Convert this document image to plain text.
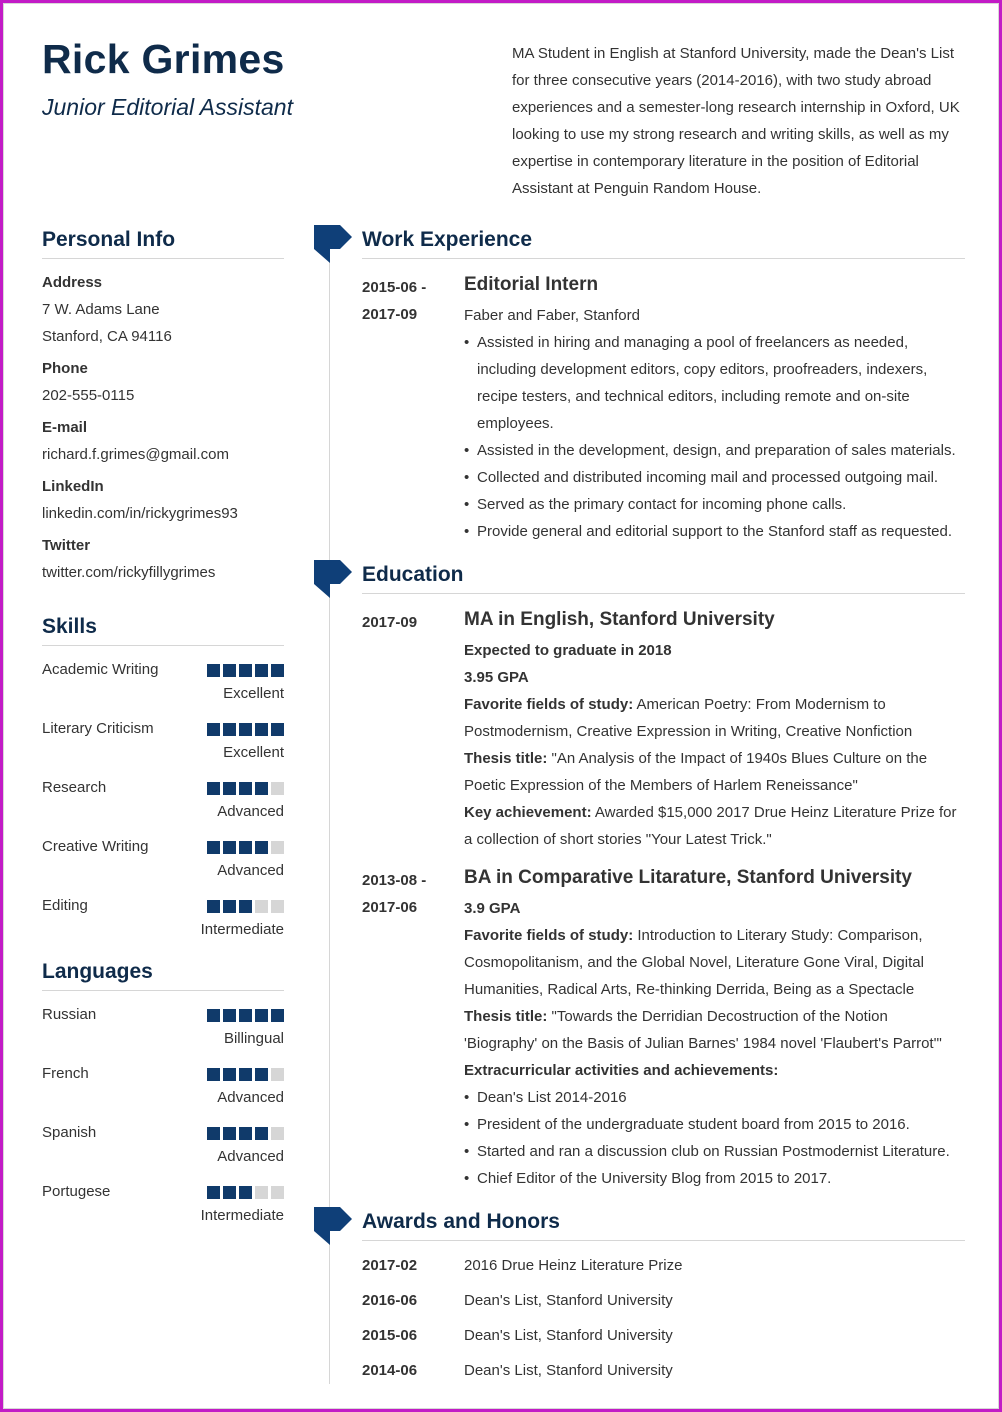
Rick Grimes
Junior Editorial Assistant
MA Student in English at Stanford University, made the Dean's List for three consecutive years (2014-2016), with two study abroad experiences and a semester-long research internship in Oxford, UK looking to use my strong research and writing skills, as well as my expertise in contemporary literature in the position of Editorial Assistant at Penguin Random House.
Personal Info
Address
7 W. Adams Lane
Stanford, CA 94116
Phone
202-555-0115
E-mail
richard.f.grimes@gmail.com
LinkedIn
linkedin.com/in/rickygrimes93
Twitter
twitter.com/rickyfillygrimes
Skills
Academic Writing
Excellent
Literary Criticism
Excellent
Research
Advanced
Creative Writing
Advanced
Editing
Intermediate
Languages
Russian
Billingual
French
Advanced
Spanish
Advanced
Portugese
Intermediate
Work Experience
2015-06 -
2017-09
Editorial Intern
Faber and Faber, Stanford
• Assisted in hiring and managing a pool of freelancers as needed, including development editors, copy editors, proofreaders, indexers, recipe testers, and technical editors, including remote and on-site employees.
• Assisted in the development, design, and preparation of sales materials.
• Collected and distributed incoming mail and processed outgoing mail.
• Served as the primary contact for incoming phone calls.
• Provide general and editorial support to the Stanford staff as requested.
Education
2017-09	MA in English, Stanford University
Expected to graduate in 2018
3.95 GPA
Favorite fields of study: American Poetry: From Modernism to Postmodernism, Creative Expression in Writing, Creative Nonfiction
Thesis title: "An Analysis of the Impact of 1940s Blues Culture on the Poetic Expression of the Members of Harlem Reneissance"
Key achievement: Awarded $15,000 2017 Drue Heinz Literature Prize for a collection of short stories "Your Latest Trick."
2013-08 -
2017-06
BA in Comparative Litarature, Stanford University
3.9 GPA
Favorite fields of study: Introduction to Literary Study: Comparison, Cosmopolitanism, and the Global Novel, Literature Gone Viral, Digital Humanities, Radical Arts, Re-thinking Derrida, Being as a Spectacle
Thesis title: "Towards the Derridian Decostruction of the Notion 'Biography' on the Basis of Julian Barnes' 1984 novel 'Flaubert's Parrot'"
Extracurricular activities and achievements:
• Dean's List 2014-2016
• President of the undergraduate student board from 2015 to 2016.
• Started and ran a discussion club on Russian Postmodernist Literature.
• Chief Editor of the University Blog from 2015 to 2017.
Awards and Honors
2017-02	2016 Drue Heinz Literature Prize
2016-06	Dean's List, Stanford University
2015-06	Dean's List, Stanford University
2014-06	Dean's List, Stanford University
